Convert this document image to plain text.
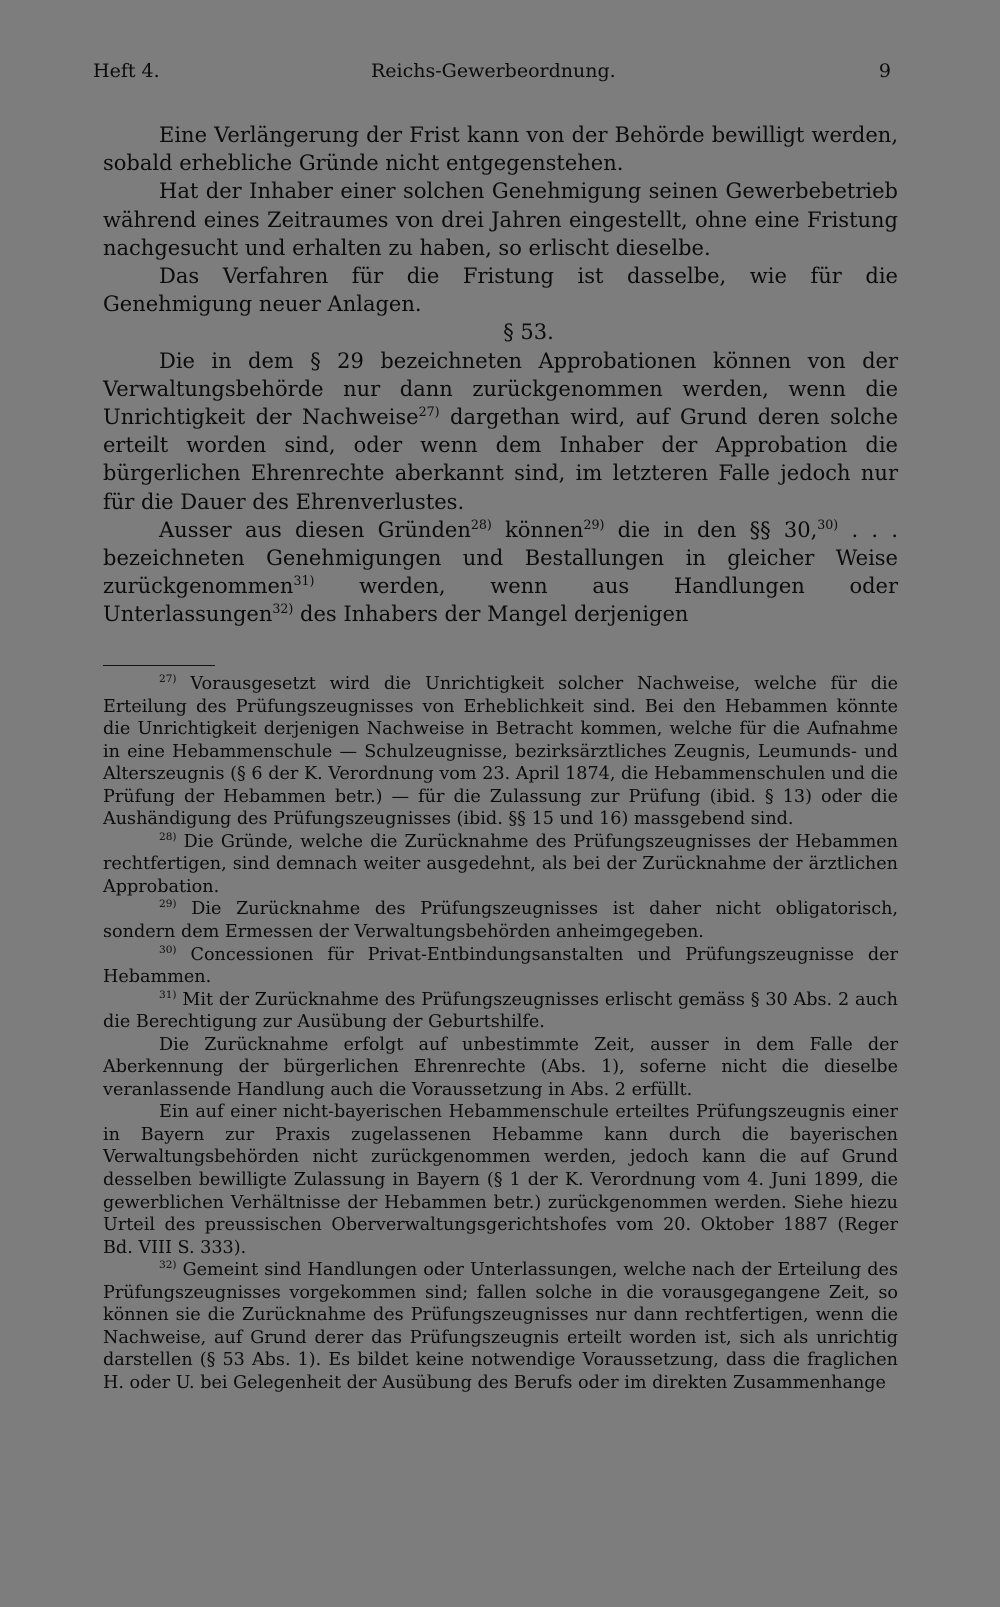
Heft 4.	Reichs-Gewerbeordnung.	9

Eine Verlängerung der Frist kann von der Behörde bewilligt werden, sobald erhebliche Gründe nicht entgegenstehen.

Hat der Inhaber einer solchen Genehmigung seinen Gewerbebetrieb während eines Zeitraumes von drei Jahren eingestellt, ohne eine Fristung nachgesucht und erhalten zu haben, so erlischt dieselbe.

Das Verfahren für die Fristung ist dasselbe, wie für die Genehmigung neuer Anlagen.

§ 53.

Die in dem § 29 bezeichneten Approbationen können von der Verwaltungsbehörde nur dann zurückgenommen werden, wenn die Unrichtigkeit der Nachweise$^{27)}$ dargethan wird, auf Grund deren solche erteilt worden sind, oder wenn dem Inhaber der Approbation die bürgerlichen Ehrenrechte aberkannt sind, im letzteren Falle jedoch nur für die Dauer des Ehrenverlustes.

Ausser aus diesen Gründen$^{28)}$ können$^{29)}$ die in den §§ 30,$^{30)}$ . . . bezeichneten Genehmigungen und Bestallungen in gleicher Weise zurückgenommen$^{31)}$ werden, wenn aus Handlungen oder Unterlassungen$^{32)}$ des Inhabers der Mangel derjenigen

$^{27)}$ Vorausgesetzt wird die Unrichtigkeit solcher Nachweise, welche für die Erteilung des Prüfungszeugnisses von Erheblichkeit sind. Bei den Hebammen könnte die Unrichtigkeit derjenigen Nachweise in Betracht kommen, welche für die Aufnahme in eine Hebammenschule — Schulzeugnisse, bezirksärztliches Zeugnis, Leumunds- und Alterszeugnis (§ 6 der K. Verordnung vom 23. April 1874, die Hebammenschulen und die Prüfung der Hebammen betr.) — für die Zulassung zur Prüfung (ibid. § 13) oder die Aushändigung des Prüfungszeugnisses (ibid. §§ 15 und 16) massgebend sind.

$^{28)}$ Die Gründe, welche die Zurücknahme des Prüfungszeugnisses der Hebammen rechtfertigen, sind demnach weiter ausgedehnt, als bei der Zurücknahme der ärztlichen Approbation.

$^{29)}$ Die Zurücknahme des Prüfungszeugnisses ist daher nicht obligatorisch, sondern dem Ermessen der Verwaltungsbehörden anheimgegeben.

$^{30)}$ Concessionen für Privat-Entbindungsanstalten und Prüfungszeugnisse der Hebammen.

$^{31)}$ Mit der Zurücknahme des Prüfungszeugnisses erlischt gemäss § 30 Abs. 2 auch die Berechtigung zur Ausübung der Geburtshilfe.

Die Zurücknahme erfolgt auf unbestimmte Zeit, ausser in dem Falle der Aberkennung der bürgerlichen Ehrenrechte (Abs. 1), soferne nicht die dieselbe veranlassende Handlung auch die Voraussetzung in Abs. 2 erfüllt.

Ein auf einer nicht-bayerischen Hebammenschule erteiltes Prüfungszeugnis einer in Bayern zur Praxis zugelassenen Hebamme kann durch die bayerischen Verwaltungsbehörden nicht zurückgenommen werden, jedoch kann die auf Grund desselben bewilligte Zulassung in Bayern (§ 1 der K. Verordnung vom 4. Juni 1899, die gewerblichen Verhältnisse der Hebammen betr.) zurückgenommen werden. Siehe hiezu Urteil des preussischen Oberverwaltungsgerichtshofes vom 20. Oktober 1887 (Reger Bd. VIII S. 333).

$^{32)}$ Gemeint sind Handlungen oder Unterlassungen, welche nach der Erteilung des Prüfungszeugnisses vorgekommen sind; fallen solche in die vorausgegangene Zeit, so können sie die Zurücknahme des Prüfungszeugnisses nur dann rechtfertigen, wenn die Nachweise, auf Grund derer das Prüfungszeugnis erteilt worden ist, sich als unrichtig darstellen (§ 53 Abs. 1). Es bildet keine notwendige Voraussetzung, dass die fraglichen H. oder U. bei Gelegenheit der Ausübung des Berufs oder im direkten Zusammenhange
